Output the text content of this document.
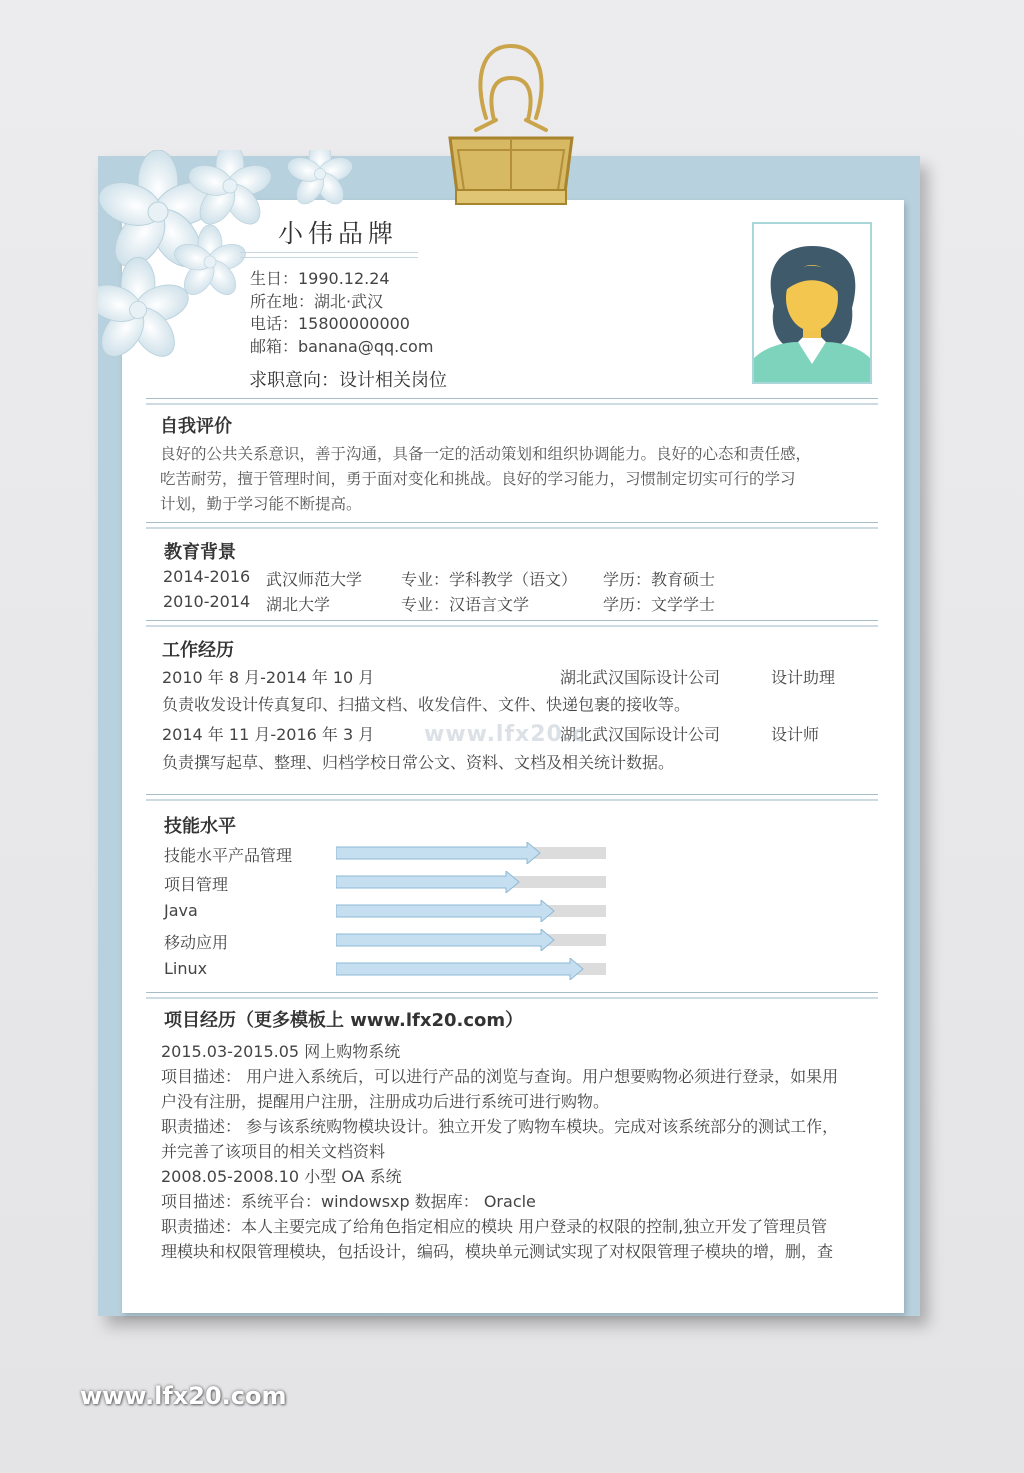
小伟品牌
生日：1990.12.24
所在地：湖北·武汉
电话：15800000000
邮箱：banana@qq.com
求职意向：设计相关岗位
自我评价
良好的公共关系意识，善于沟通，具备一定的活动策划和组织协调能力。良好的心态和责任感，
吃苦耐劳，擅于管理时间，勇于面对变化和挑战。良好的学习能力，习惯制定切实可行的学习
计划，勤于学习能不断提高。
教育背景
2014-2016 武汉师范大学 专业：学科教学（语文） 学历：教育硕士
2010-2014 湖北大学	专业：汉语言文学	学历：文学学士
工作经历
2010 年 8 月-2014 年 10 月	湖北武汉国际设计公司	设计助理
负责收发设计传真复印、扫描文档、收发信件、文件、快递包裹的接收等。
2014 年 11 月-2016 年 3 月	湖北武汉国际设计公司	设计师
负责撰写起草、整理、归档学校日常公文、资料、文档及相关统计数据。
www.lfx20.c
技能水平
技能水平产品管理
项目管理
Java
移动应用
Linux
项目经历（更多模板上 www.lfx20.com）
2015.03-2015.05 网上购物系统
项目描述： 用户进入系统后，可以进行产品的浏览与查询。用户想要购物必须进行登录，如果用
户没有注册，提醒用户注册，注册成功后进行系统可进行购物。
职责描述： 参与该系统购物模块设计。独立开发了购物车模块。完成对该系统部分的测试工作，
并完善了该项目的相关文档资料
2008.05-2008.10 小型 OA 系统
项目描述：系统平台：windowsxp 数据库： Oracle
职责描述：本人主要完成了给角色指定相应的模块 用户登录的权限的控制,独立开发了管理员管
理模块和权限管理模块，包括设计，编码，模块单元测试实现了对权限管理子模块的增，删，查
www.lfx20.com
